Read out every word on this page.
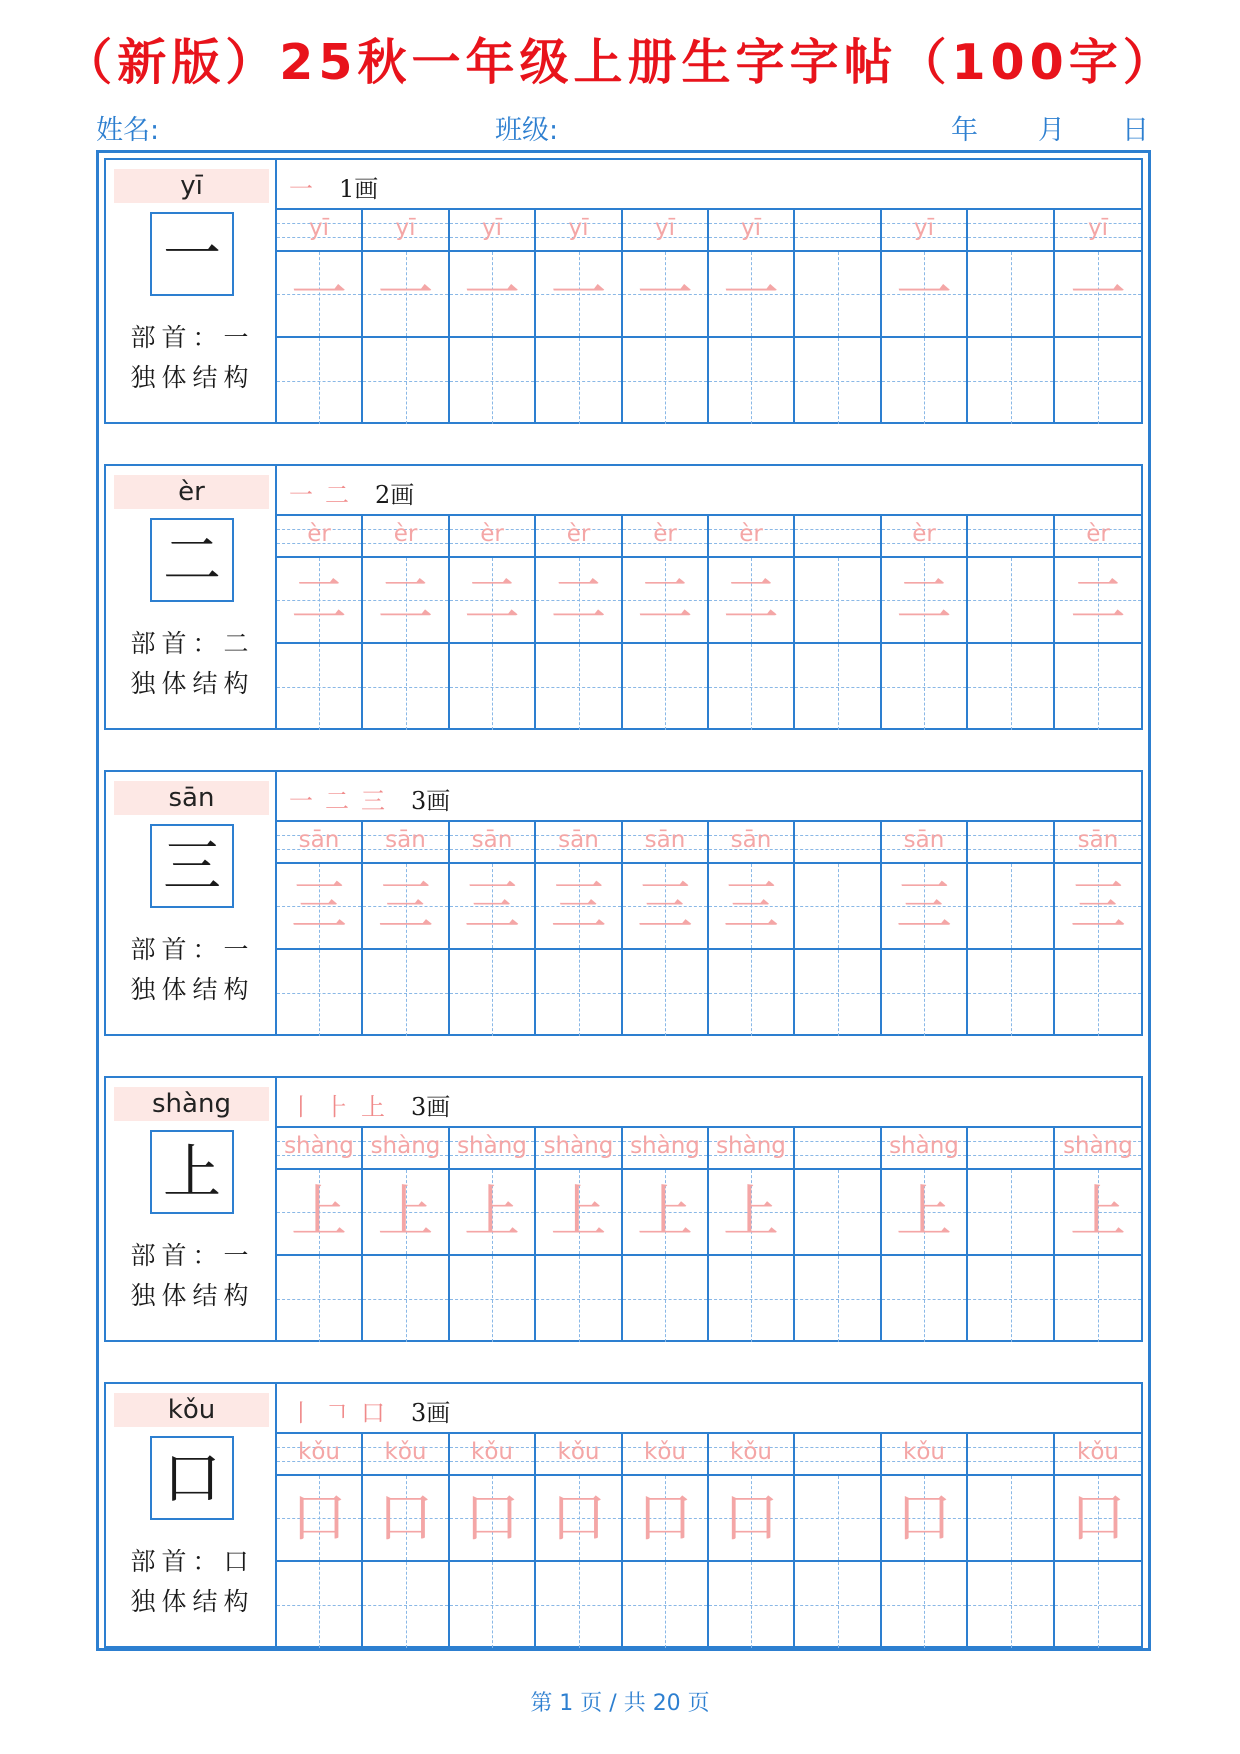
（新版）25秋一年级上册生字字帖（100字）
姓名:	班级:	年 月 日
yī
一
部首：一
独体结构
一 1画
yī
一
yī
一
yī
一
yī
一
yī
一
yī
一
yī
一
yī
一
èr
二
部首：二
独体结构
一 二 2画
èr
二
èr
二
èr
二
èr
二
èr
二
èr
二
èr
二
èr
二
sān
三
部首：一
独体结构
一 二 三 3画
sān
三
sān
三
sān
三
sān
三
sān
三
sān
三
sān
三
sān
三
shàng
上
部首：一
独体结构
丨 ⺊ 上 3画
shàng
上
shàng
上
shàng
上
shàng
上
shàng
上
shàng
上
shàng
上
shàng
上
kǒu
口
部首：口
独体结构
丨 𠃍 口 3画
kǒu
口
kǒu
口
kǒu
口
kǒu
口
kǒu
口
kǒu
口
kǒu
口
kǒu
口
第 1 页 / 共 20 页
